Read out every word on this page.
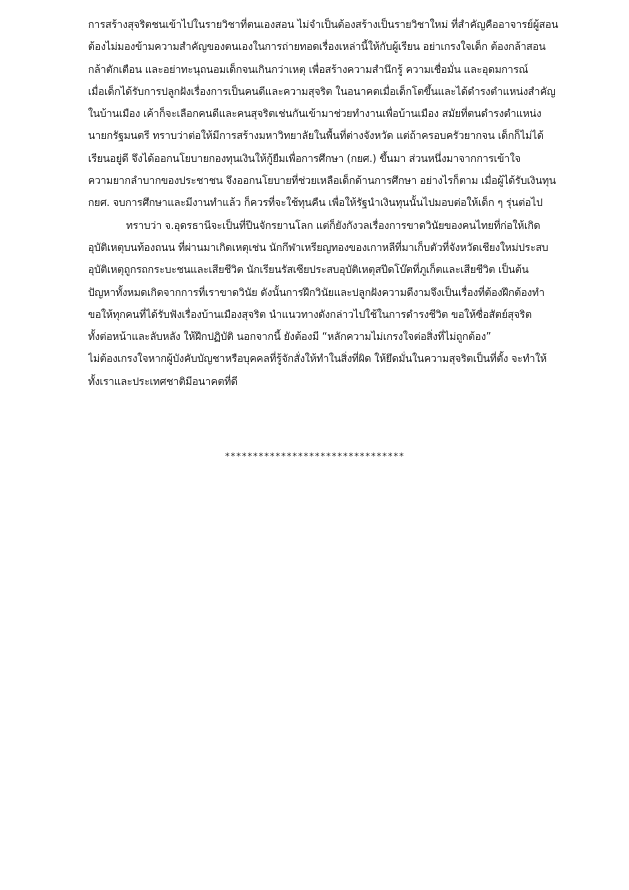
การสร้างสุจริตชนเข้าไปในรายวิชาที่ตนเองสอน ไม่จำเป็นต้องสร้างเป็นรายวิชาใหม่ ที่สำคัญคืออาจารย์ผู้สอน
ต้องไม่มองข้ามความสำคัญของตนเองในการถ่ายทอดเรื่องเหล่านี้ให้กับผู้เรียน อย่าเกรงใจเด็ก ต้องกล้าสอน
กล้าตักเตือน และอย่าทะนุถนอมเด็กจนเกินกว่าเหตุ เพื่อสร้างความสำนึกรู้ ความเชื่อมั่น และอุดมการณ์
เมื่อเด็กได้รับการปลูกฝังเรื่องการเป็นคนดีและความสุจริต ในอนาคตเมื่อเด็กโตขึ้นและได้ดำรงตำแหน่งสำคัญ
ในบ้านเมือง เค้าก็จะเลือกคนดีและคนสุจริตเช่นกันเข้ามาช่วยทำงานเพื่อบ้านเมือง สมัยที่ตนดำรงตำแหน่ง
นายกรัฐมนตรี ทราบว่าต่อให้มีการสร้างมหาวิทยาลัยในพื้นที่ต่างจังหวัด แต่ถ้าครอบครัวยากจน เด็กก็ไม่ได้
เรียนอยู่ดี จึงได้ออกนโยบายกองทุนเงินให้กู้ยืมเพื่อการศึกษา (กยศ.) ขึ้นมา ส่วนหนึ่งมาจากการเข้าใจ
ความยากลำบากของประชาชน จึงออกนโยบายที่ช่วยเหลือเด็กด้านการศึกษา อย่างไรก็ตาม เมื่อผู้ได้รับเงินทุน
กยศ. จบการศึกษาและมีงานทำแล้ว ก็ควรที่จะใช้ทุนคืน เพื่อให้รัฐนำเงินทุนนั้นไปมอบต่อให้เด็ก ๆ รุ่นต่อไป
ทราบว่า จ.อุดรธานีจะเป็นที่ปีนจักรยานโลก แต่ก็ยังกังวลเรื่องการขาดวินัยของคนไทยที่ก่อให้เกิด
อุบัติเหตุบนท้องถนน ที่ผ่านมาเกิดเหตุเช่น นักกีฬาเหรียญทองของเกาหลีที่มาเก็บตัวที่จังหวัดเชียงใหม่ประสบ
อุบัติเหตุถูกรถกระบะชนและเสียชีวิต นักเรียนรัสเซียประสบอุบัติเหตุสปีดโบ๊ตที่ภูเก็ตและเสียชีวิต เป็นต้น
ปัญหาทั้งหมดเกิดจากการที่เราขาดวินัย ดังนั้นการฝึกวินัยและปลูกฝังความดีงามจึงเป็นเรื่องที่ต้องฝึกต้องทำ
ขอให้ทุกคนที่ได้รับฟังเรื่องบ้านเมืองสุจริต นำแนวทางดังกล่าวไปใช้ในการดำรงชีวิต ขอให้ซื่อสัตย์สุจริต
ทั้งต่อหน้าและลับหลัง ให้ฝึกปฏิบัติ นอกจากนี้ ยังต้องมี “หลักความไม่เกรงใจต่อสิ่งที่ไม่ถูกต้อง”
ไม่ต้องเกรงใจหากผู้บังคับบัญชาหรือบุคคลที่รู้จักสั่งให้ทำในสิ่งที่ผิด ให้ยึดมั่นในความสุจริตเป็นที่ตั้ง จะทำให้
ทั้งเราและประเทศชาติมีอนาคตที่ดี
********************************
